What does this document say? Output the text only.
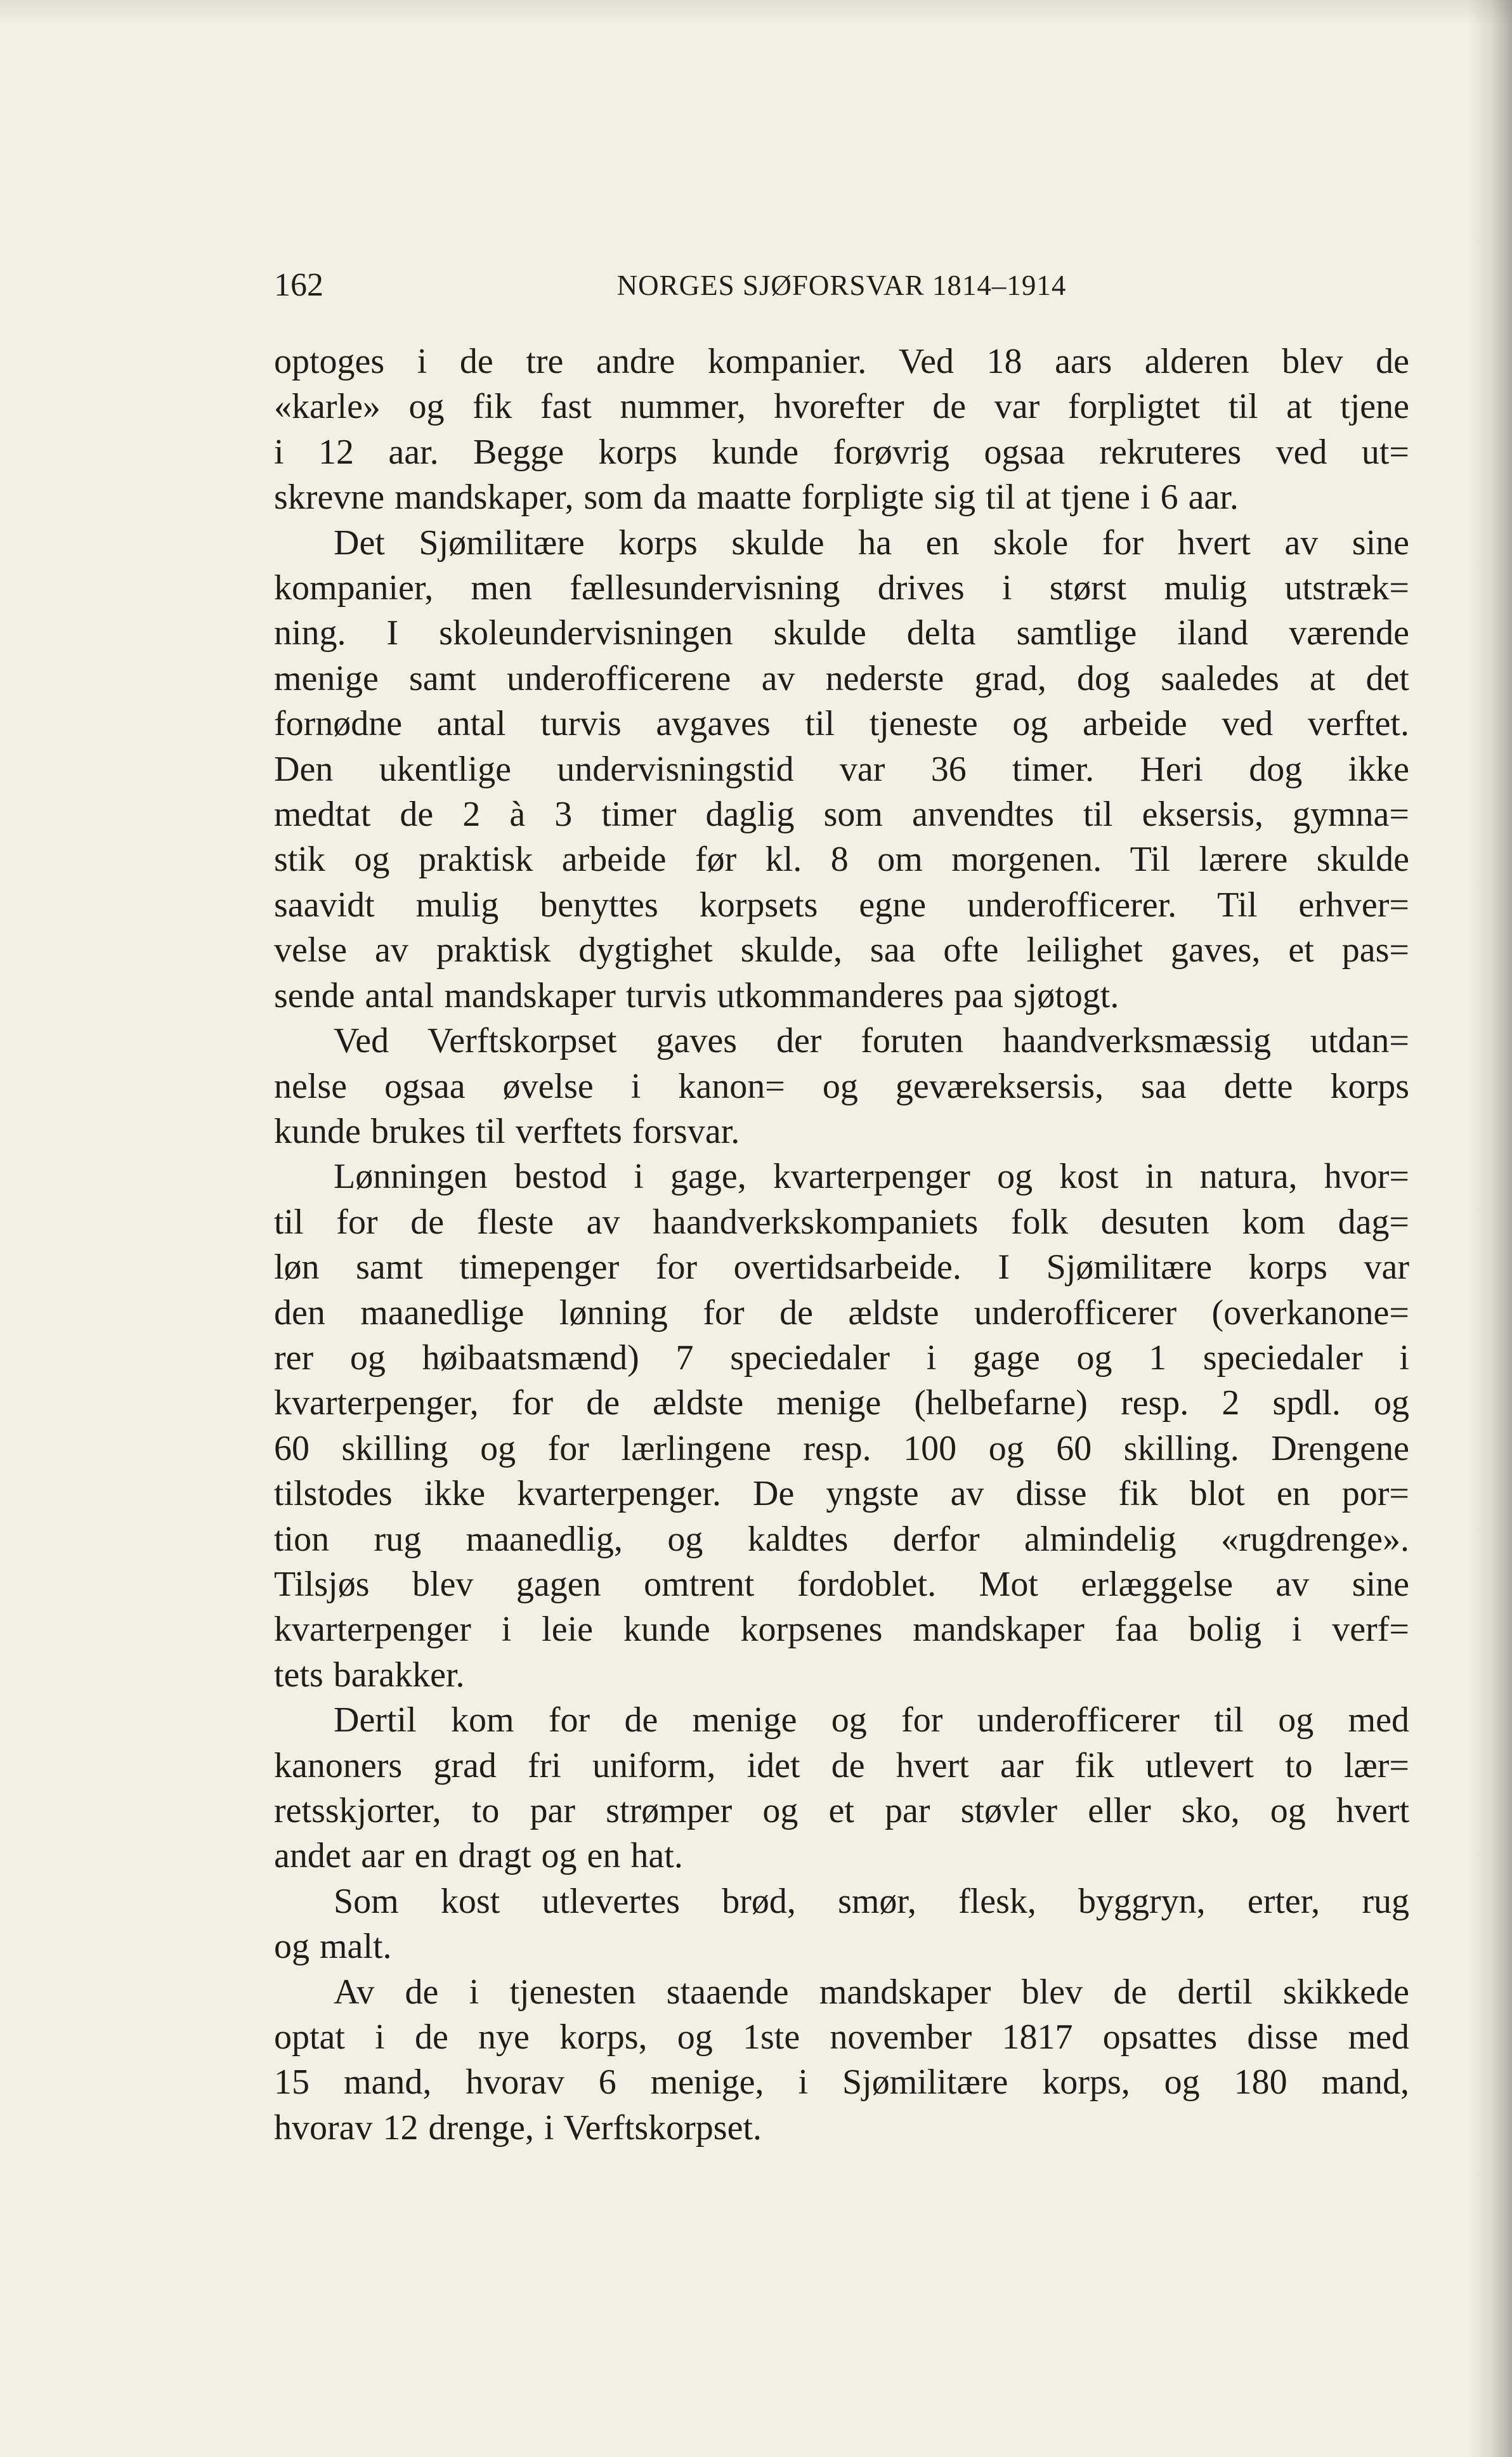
162	NORGES SJØFORSVAR 1814–1914
optoges i de tre andre kompanier. Ved 18 aars alderen blev de
«karle» og fik fast nummer, hvorefter de var forpligtet til at tjene
i 12 aar. Begge korps kunde forøvrig ogsaa rekruteres ved ut=
skrevne mandskaper, som da maatte forpligte sig til at tjene i 6 aar.
Det Sjømilitære korps skulde ha en skole for hvert av sine
kompanier, men fællesundervisning drives i størst mulig utstræk=
ning. I skoleundervisningen skulde delta samtlige iland værende
menige samt underofficerene av nederste grad, dog saaledes at det
fornødne antal turvis avgaves til tjeneste og arbeide ved verftet.
Den ukentlige undervisningstid var 36 timer. Heri dog ikke
medtat de 2 à 3 timer daglig som anvendtes til eksersis, gymna=
stik og praktisk arbeide før kl. 8 om morgenen. Til lærere skulde
saavidt mulig benyttes korpsets egne underofficerer. Til erhver=
velse av praktisk dygtighet skulde, saa ofte leilighet gaves, et pas=
sende antal mandskaper turvis utkommanderes paa sjøtogt.
Ved Verftskorpset gaves der foruten haandverksmæssig utdan=
nelse ogsaa øvelse i kanon= og geværeksersis, saa dette korps
kunde brukes til verftets forsvar.
Lønningen bestod i gage, kvarterpenger og kost in natura, hvor=
til for de fleste av haandverkskompaniets folk desuten kom dag=
løn samt timepenger for overtidsarbeide. I Sjømilitære korps var
den maanedlige lønning for de ældste underofficerer (overkanone=
rer og høibaatsmænd) 7 speciedaler i gage og 1 speciedaler i
kvarterpenger, for de ældste menige (helbefarne) resp. 2 spdl. og
60 skilling og for lærlingene resp. 100 og 60 skilling. Drengene
tilstodes ikke kvarterpenger. De yngste av disse fik blot en por=
tion rug maanedlig, og kaldtes derfor almindelig «rugdrenge».
Tilsjøs blev gagen omtrent fordoblet. Mot erlæggelse av sine
kvarterpenger i leie kunde korpsenes mandskaper faa bolig i verf=
tets barakker.
Dertil kom for de menige og for underofficerer til og med
kanoners grad fri uniform, idet de hvert aar fik utlevert to lær=
retsskjorter, to par strømper og et par støvler eller sko, og hvert
andet aar en dragt og en hat.
Som kost utlevertes brød, smør, flesk, byggryn, erter, rug
og malt.
Av de i tjenesten staaende mandskaper blev de dertil skikkede
optat i de nye korps, og 1ste november 1817 opsattes disse med
15 mand, hvorav 6 menige, i Sjømilitære korps, og 180 mand,
hvorav 12 drenge, i Verftskorpset.
